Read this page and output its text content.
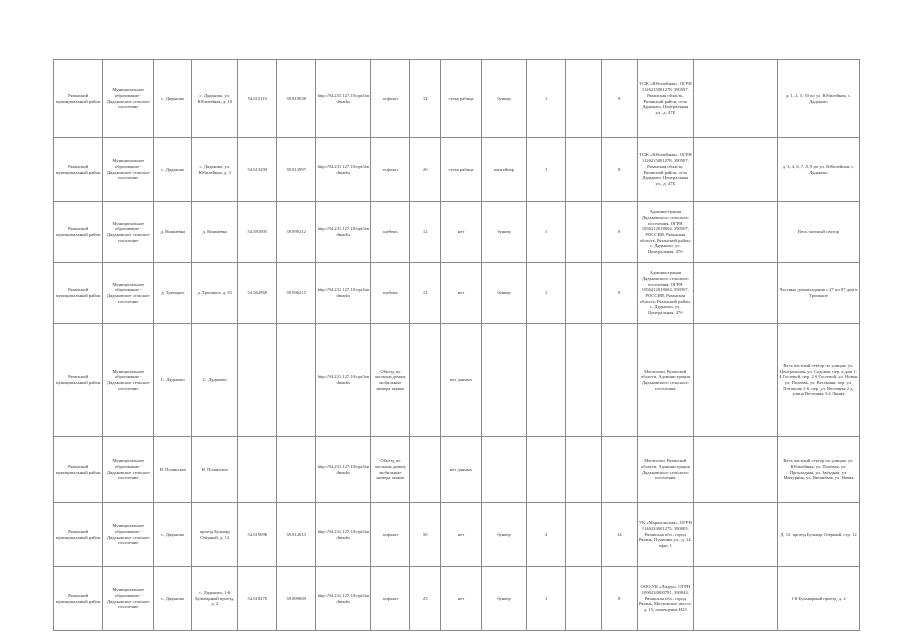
Рязанский муниципальный район	Муниципальное образование - Дядьковское сельское поселение	с. Дядьково	с. Дядьково, ул. Юбилейная, д. 10	54.615110	39.810038	http://94.231.127.10/opt/landmarks	асфальт	12	сетка рабица	бункер	1		8	ТСЖ «Юбилейная», ОГРН 1126215001278, 390507, Рязанская область, Рязанский район, село Дядьково, Центральная ул., д. 47Б		д. 1, 2, 5, 10 по ул. Юбилейная, с. Дядьково
Рязанский муниципальный район	Муниципальное образование - Дядьковское сельское поселение	с. Дядьково	с. Дядьково, ул. Юбилейная, д. 3	54.613290	39.813997	http://94.231.127.10/opt/landmarks	асфальт	20	сетка рабица	контейнер	1		8	ТСЖ «Юбилейная», ОГРН 1126215001278, 390507, Рязанская область, Рязанский район, село Дядьково, Центральная ул., д. 47Б		д. 3, 4, 6, 7, 8, 9 по ул. Юбилейная, с. Дядьково
Рязанский муниципальный район	Муниципальное образование - Дядьковское сельское поселение	д. Вишнёвка	д. Вишнёвка	54.581005	39.899212	http://94.231.127.10/opt/landmarks	щебень	12	нет	бункер	1		8	Администрация Дядьковского сельского поселения, ОГРН 1056212018604, 390507, РОССИЯ, Рязанская область, Рязанский район, с. Дядьково, ул. Центральная, 47б		Весь частный сектор
Рязанский муниципальный район	Муниципальное образование - Дядьковское сельское поселение	д. Троицкое	д. Троицкое, д. 81	54.562968	39.906215	http://94.231.127.10/opt/landmarks	щебень	12	нет	бункер	1		8	Администрация Дядьковского сельского поселения, ОГРН 1056212018604, 390507, РОССИЯ, Рязанская область, Рязанский район, с. Дядьково, ул. Центральная, 47б		Частные домовладения с 27 по 87 дом в Троицкое
Рязанский муниципальный район	Муниципальное образование - Дядьковское сельское поселение	С. Дядьково	С. Дядьково			http://94.231.127.10/opt/landmarks	Объезд по частным домам, мобильные номера заявок		нет данных					Мегаполис Рязанской области, Администрация Дядьковского сельского поселения		Весь частный сектор по улицам: ул. Центральная, ул. Садовая, пер. к дом 1-4 Гостевой, пер. 2 б Гостевой, ул. Новая, ул. Полевая, ул. Весенняя, пер. ул. Потапова 1-6, пер. ул. Весенняя 2 д, улица Весенняя 3-4 Линия
Рязанский муниципальный район	Муниципальное образование - Дядьковское сельское поселение	Н. Полянское	Н. Полянское			http://94.231.127.10/opt/landmarks	Объезд по частным домам, мобильные номера заявок		нет данных					Мегаполис Рязанской области, Администрация Дядьковского сельского поселения		Весь частный сектор по улицам: ул. Юбилейная, ул. Полевая, ул. Прохладная, ул. Звёздная, ул. Мичурина, ул. Вишнёвая, ул. Новая
Рязанский муниципальный район	Муниципальное образование - Дядьковское сельское поселение	с. Дядьково	проезд Бульвар Озёрный, д. 12	54.619098	39.812613	http://94.231.127.10/opt/landmarks	асфальт	50	нет	бункер	4		14	УК «Маршальская», ОГРН 1146234001275, 390005, Рязанская обл., город Рязань, Пушкина ул., д. 14, офис 1		Д. 12, проезд Бульвар Озёрный, стр. 12
Рязанский муниципальный район	Муниципальное образование - Дядьковское сельское поселение	с. Дядьково	с. Дядьково, 1-й Бульварный проезд, д. 2	54.618270	39.809669	http://94.231.127.10/opt/landmarks	асфальт	25	нет	бункер	1		8	ООО УК «Лидер», ОГРН 1096234000791, 390044, Рязанская обл., город Рязань, Московское шоссе, д. 15, помещение Н23		1-й Бульварный проезд, д. 2
